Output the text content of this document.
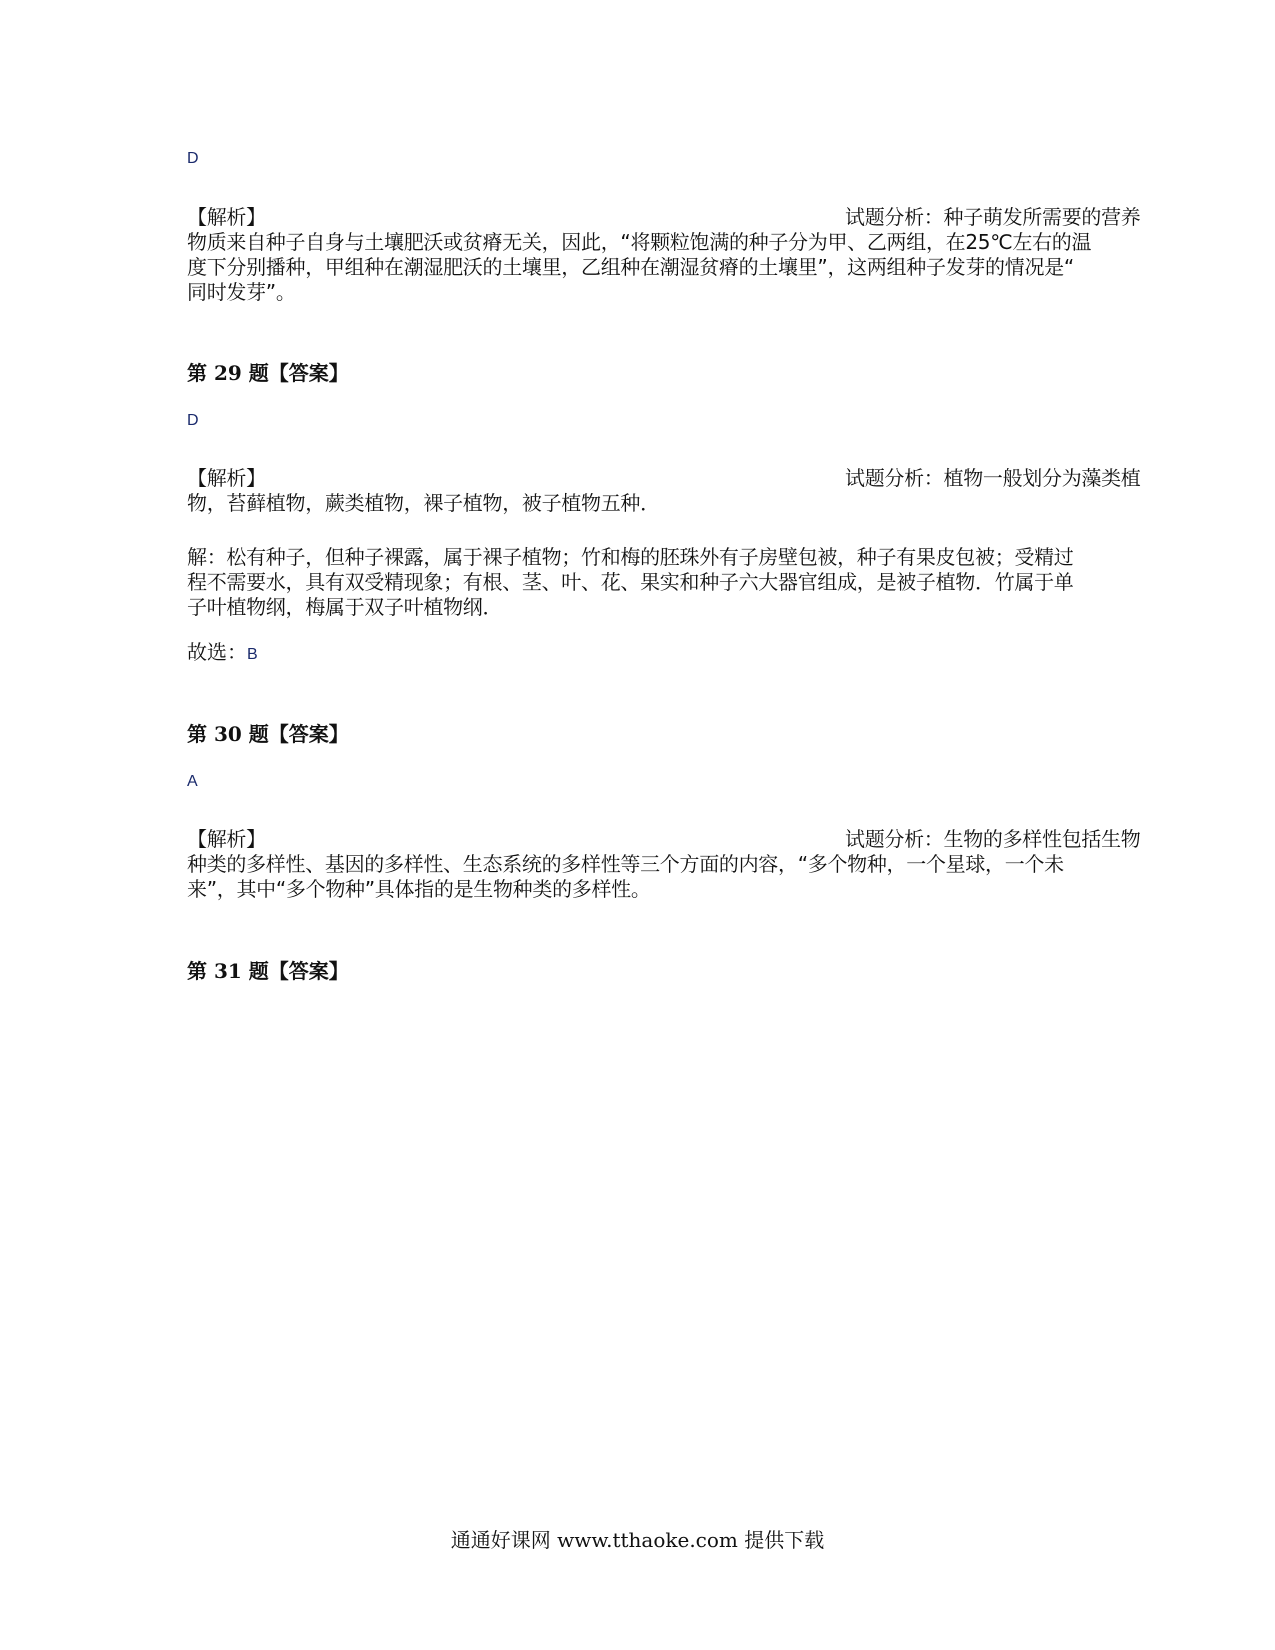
D
【解析】	试题分析：种子萌发所需要的营养
物质来自种子自身与土壤肥沃或贫瘠无关，因此，“将颗粒饱满的种子分为甲、乙两组，在25℃左右的温
度下分别播种，甲组种在潮湿肥沃的土壤里，乙组种在潮湿贫瘠的土壤里”，这两组种子发芽的情况是“
同时发芽”。
第 29 题【答案】
D
【解析】	试题分析：植物一般划分为藻类植
物，苔藓植物，蕨类植物，裸子植物，被子植物五种．
解：松有种子，但种子裸露，属于裸子植物；竹和梅的胚珠外有子房壁包被，种子有果皮包被；受精过
程不需要水，具有双受精现象；有根、茎、叶、花、果实和种子六大器官组成，是被子植物．竹属于单
子叶植物纲，梅属于双子叶植物纲．
故选：B
第 30 题【答案】
A
【解析】	试题分析：生物的多样性包括生物
种类的多样性、基因的多样性、生态系统的多样性等三个方面的内容，“多个物种，一个星球，一个未
来”，其中“多个物种”具体指的是生物种类的多样性。
第 31 题【答案】
通通好课网 www.tthaoke.com 提供下载
